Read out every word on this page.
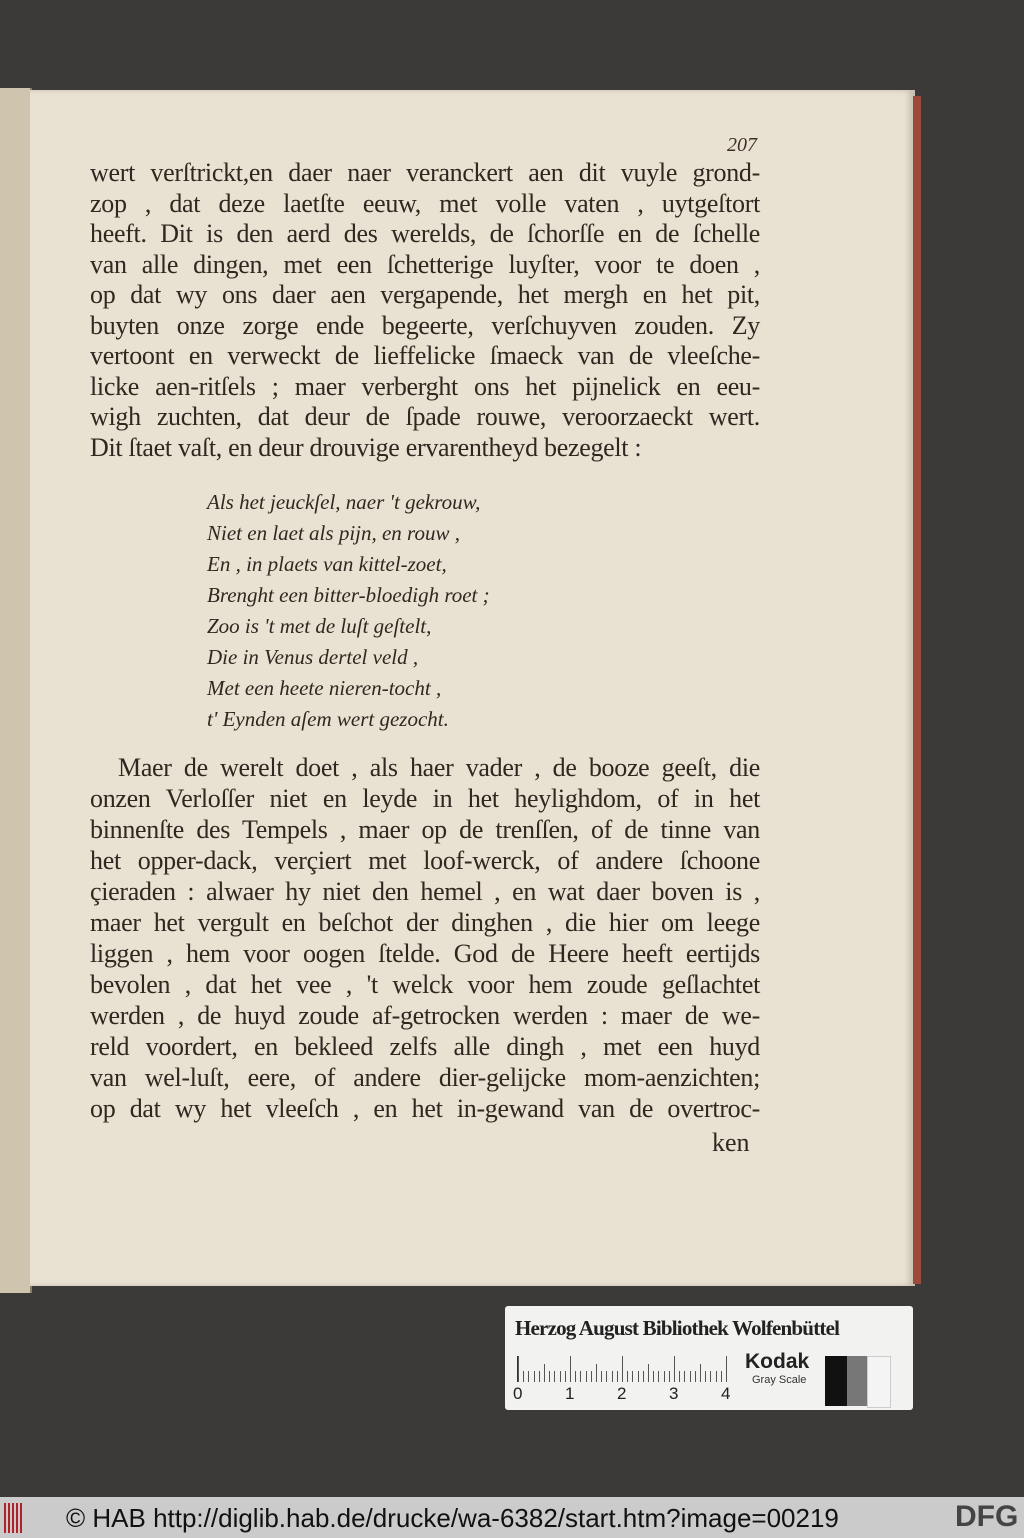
207
wert verſtrickt,en daer naer veranckert aen dit vuyle grond-
zop , dat deze laetſte eeuw, met volle vaten , uytgeſtort
heeft. Dit is den aerd des werelds, de ſchorſſe en de ſchelle
van alle dingen, met een ſchetterige luyſter, voor te doen ,
op dat wy ons daer aen vergapende, het mergh en het pit,
buyten onze zorge ende begeerte, verſchuyven zouden. Zy
vertoont en verweckt de lieffelicke ſmaeck van de vleeſche-
licke aen-ritſels ; maer verberght ons het pijnelick en eeu-
wigh zuchten, dat deur de ſpade rouwe, veroorzaeckt wert.
Dit ſtaet vaſt, en deur drouvige ervarentheyd bezegelt :
Als het jeuckſel, naer 't gekrouw,
Niet en laet als pijn, en rouw ,
En , in plaets van kittel-zoet,
Brenght een bitter-bloedigh roet ;
Zoo is 't met de luſt geſtelt,
Die in Venus dertel veld ,
Met een heete nieren-tocht ,
t' Eynden aſem wert gezocht.
Maer de werelt doet , als haer vader , de booze geeſt, die
onzen Verloſſer niet en leyde in het heylighdom, of in het
binnenſte des Tempels , maer op de trenſſen, of de tinne van
het opper-dack, verçiert met loof-werck, of andere ſchoone
çieraden : alwaer hy niet den hemel , en wat daer boven is ,
maer het vergult en beſchot der dinghen , die hier om leege
liggen , hem voor oogen ſtelde. God de Heere heeft eertijds
bevolen , dat het vee , 't welck voor hem zoude geſlachtet
werden , de huyd zoude af-getrocken werden : maer de we-
reld voordert, en bekleed zelfs alle dingh , met een huyd
van wel-luſt, eere, of andere dier-gelijcke mom-aenzichten;
op dat wy het vleeſch , en het in-gewand van de overtroc-
ken
Herzog August Bibliothek Wolfenbüttel
0	1	2	3	4
Kodak
Gray Scale
© HAB http://diglib.hab.de/drucke/wa-6382/start.htm?image=00219	DFG
